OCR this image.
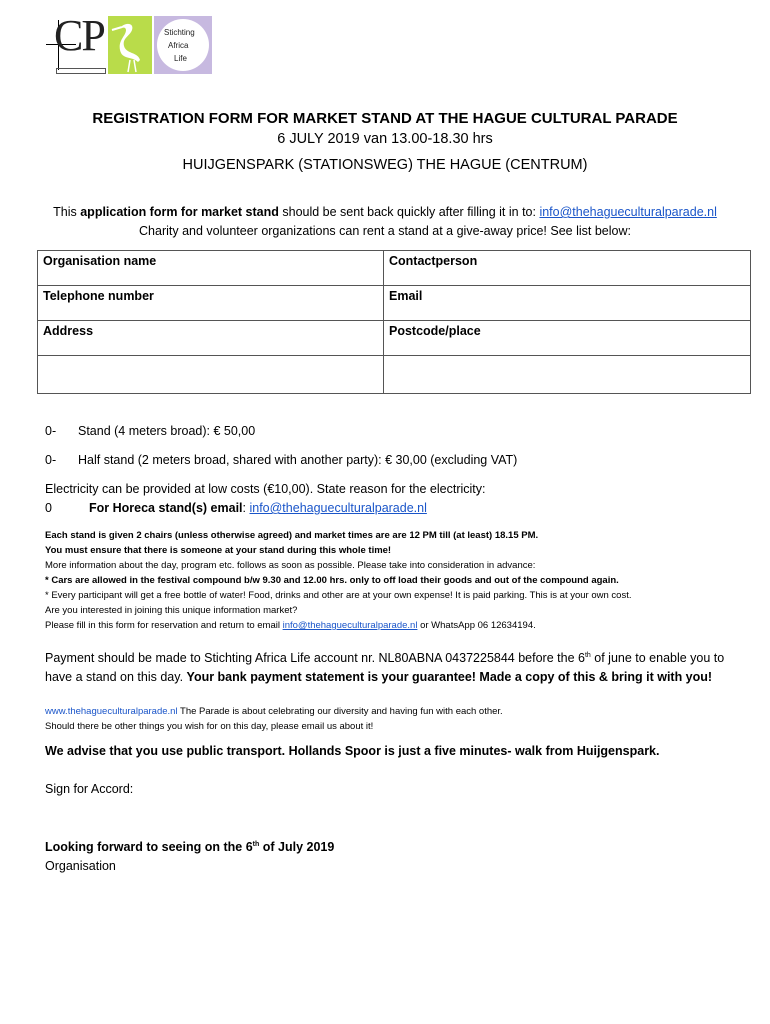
CP	Stichting
Africa
Life
REGISTRATION FORM FOR MARKET STAND AT THE HAGUE CULTURAL PARADE
6 JULY 2019 van 13.00-18.30 hrs
HUIJGENSPARK (STATIONSWEG) THE HAGUE (CENTRUM)
This application form for market stand should be sent back quickly after filling it in to: info@thehagueculturalparade.nl
Charity and volunteer organizations can rent a stand at a give-away price! See list below:
Organisation name	Contactperson
Telephone number	Email
Address	Postcode/place

0- Stand (4 meters broad): € 50,00
0- Half stand (2 meters broad, shared with another party): € 30,00 (excluding VAT)
Electricity can be provided at low costs (€10,00). State reason for the electricity:
0	For Horeca stand(s) email: info@thehagueculturalparade.nl
Each stand is given 2 chairs (unless otherwise agreed) and market times are are 12 PM till (at least) 18.15 PM.
You must ensure that there is someone at your stand during this whole time!
More information about the day, program etc. follows as soon as possible. Please take into consideration in advance:
* Cars are allowed in the festival compound b/w 9.30 and 12.00 hrs. only to off load their goods and out of the compound again.
* Every participant will get a free bottle of water! Food, drinks and other are at your own expense! It is paid parking. This is at your own cost.
Are you interested in joining this unique information market?
Please fill in this form for reservation and return to email info@thehagueculturalparade.nl or WhatsApp 06 12634194.
Payment should be made to Stichting Africa Life account nr. NL80ABNA 0437225844 before the 6th of june to enable you to have a stand on this day. Your bank payment statement is your guarantee! Made a copy of this & bring it with you!
www.thehagueculturalparade.nl The Parade is about celebrating our diversity and having fun with each other.
Should there be other things you wish for on this day, please email us about it!
We advise that you use public transport. Hollands Spoor is just a five minutes- walk from Huijgenspark.
Sign for Accord:
Looking forward to seeing on the 6th of July 2019
Organisation
